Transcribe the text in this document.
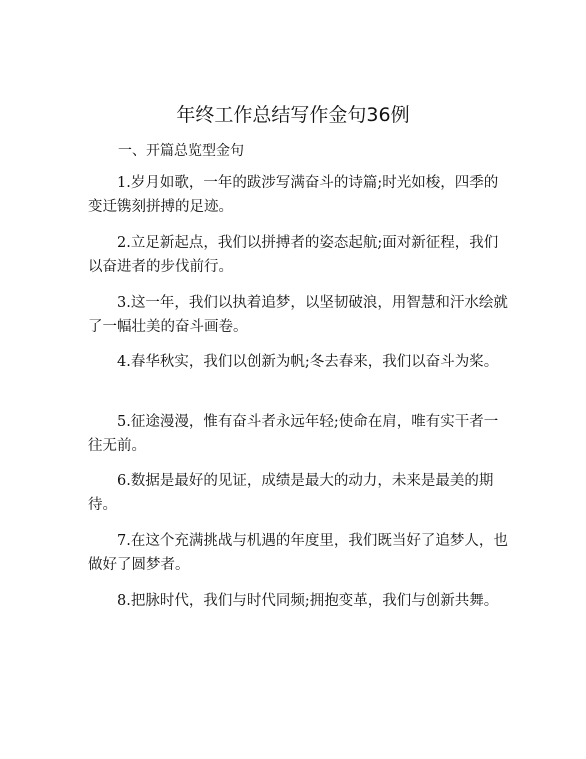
年终工作总结写作金句36例
一、开篇总览型金句
1.岁月如歌，一年的跋涉写满奋斗的诗篇;时光如梭，四季的变迁镌刻拼搏的足迹。
2.立足新起点，我们以拼搏者的姿态起航;面对新征程，我们以奋进者的步伐前行。
3.这一年，我们以执着追梦，以坚韧破浪，用智慧和汗水绘就了一幅壮美的奋斗画卷。
4.春华秋实，我们以创新为帆;冬去春来，我们以奋斗为桨。
5.征途漫漫，惟有奋斗者永远年轻;使命在肩，唯有实干者一往无前。
6.数据是最好的见证，成绩是最大的动力，未来是最美的期待。
7.在这个充满挑战与机遇的年度里，我们既当好了追梦人，也做好了圆梦者。
8.把脉时代，我们与时代同频;拥抱变革，我们与创新共舞。
